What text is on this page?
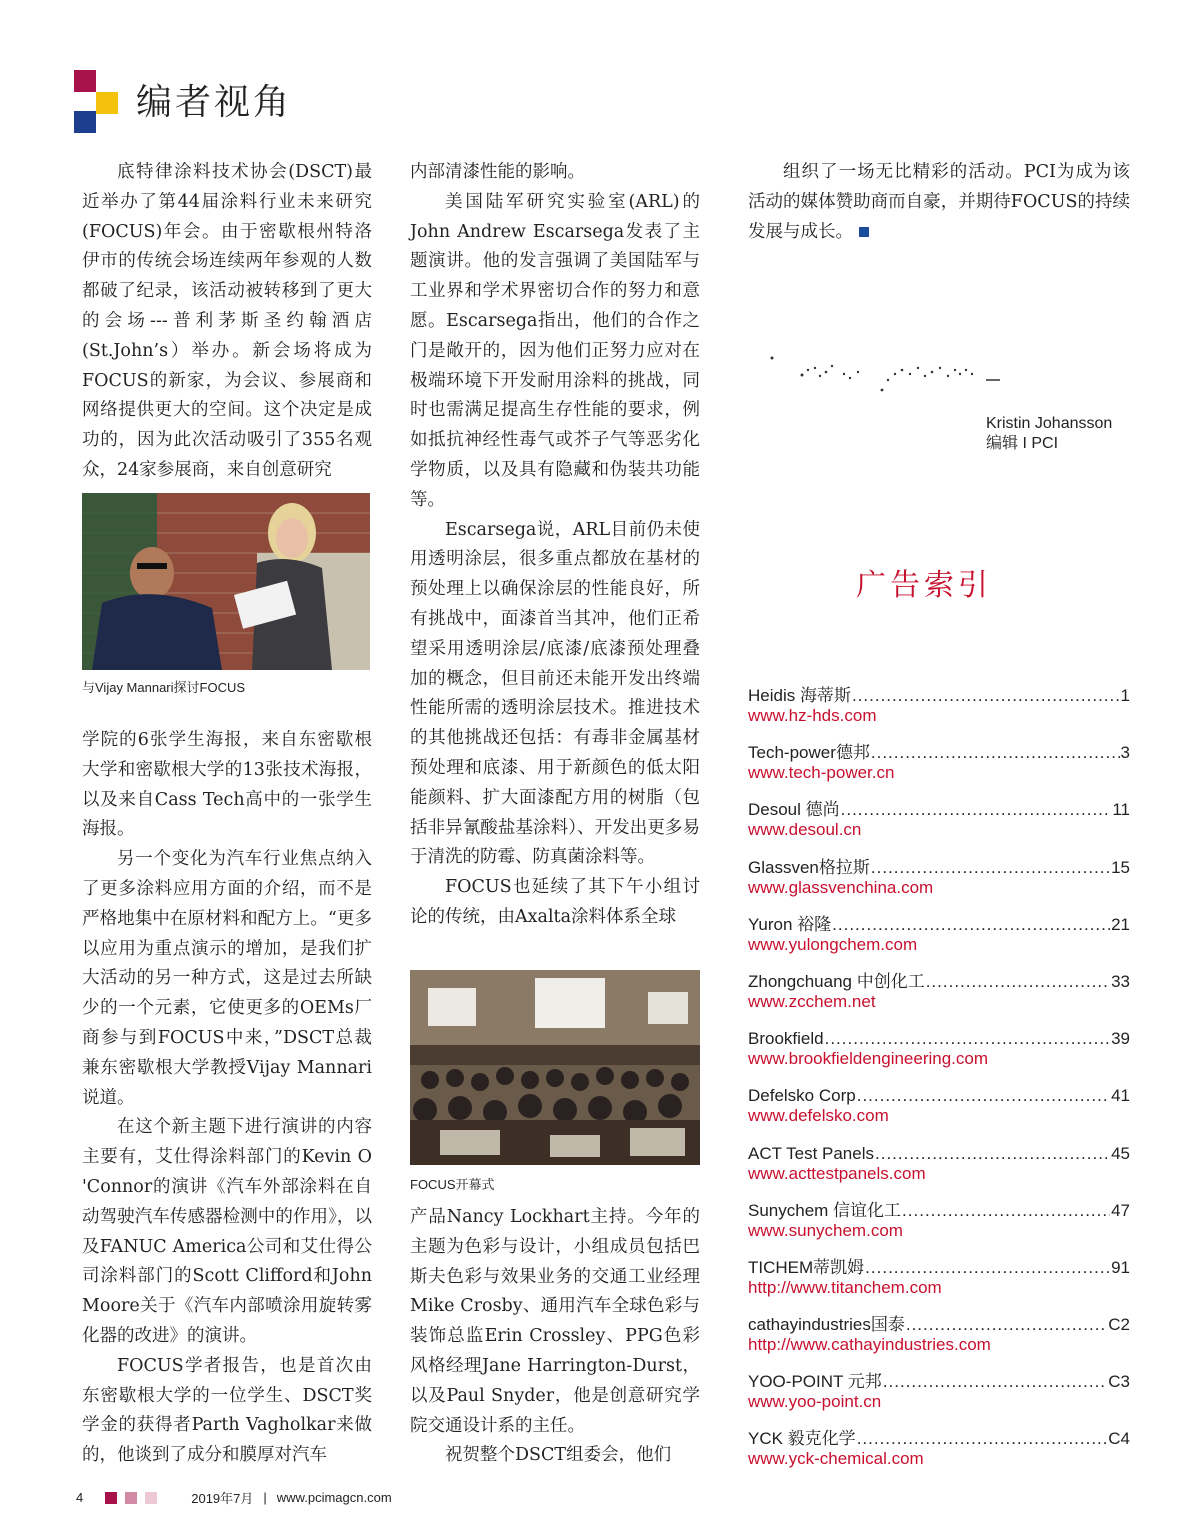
编者视角

底特律涂料技术协会(DSCT)最近举办了第44届涂料行业未来研究(FOCUS)年会。由于密歇根州特洛伊市的传统会场连续两年参观的人数都破了纪录，该活动被转移到了更大的会场---普利茅斯圣约翰酒店(St.John’s）举办。新会场将成为FOCUS的新家，为会议、参展商和网络提供更大的空间。这个决定是成功的，因为此次活动吸引了355名观众，24家参展商，来自创意研究

与Vijay Mannari探讨FOCUS

学院的6张学生海报，来自东密歇根大学和密歇根大学的13张技术海报，以及来自Cass Tech高中的一张学生海报。

另一个变化为汽车行业焦点纳入了更多涂料应用方面的介绍，而不是严格地集中在原材料和配方上。“更多以应用为重点演示的增加，是我们扩大活动的另一种方式，这是过去所缺少的一个元素，它使更多的OEMs厂商参与到FOCUS中来，”DSCT总裁兼东密歇根大学教授Vijay Mannari说道。

在这个新主题下进行演讲的内容主要有，艾仕得涂料部门的Kevin O 'Connor的演讲《汽车外部涂料在自动驾驶汽车传感器检测中的作用》，以及FANUC America公司和艾仕得公司涂料部门的Scott Clifford和John Moore关于《汽车内部喷涂用旋转雾化器的改进》的演讲。

FOCUS学者报告，也是首次由东密歇根大学的一位学生、DSCT奖学金的获得者Parth Vagholkar来做的，他谈到了成分和膜厚对汽车

内部清漆性能的影响。

美国陆军研究实验室(ARL)的John Andrew Escarsega发表了主题演讲。他的发言强调了美国陆军与工业界和学术界密切合作的努力和意愿。Escarsega指出，他们的合作之门是敞开的，因为他们正努力应对在极端环境下开发耐用涂料的挑战，同时也需满足提高生存性能的要求，例如抵抗神经性毒气或芥子气等恶劣化学物质，以及具有隐藏和伪装共功能等。

Escarsega说，ARL目前仍未使用透明涂层，很多重点都放在基材的预处理上以确保涂层的性能良好，所有挑战中，面漆首当其冲，他们正希望采用透明涂层/底漆/底漆预处理叠加的概念，但目前还未能开发出终端性能所需的透明涂层技术。推进技术的其他挑战还包括：有毒非金属基材预处理和底漆、用于新颜色的低太阳能颜料、扩大面漆配方用的树脂（包括非异氰酸盐基涂料）、开发出更多易于清洗的防霉、防真菌涂料等。

FOCUS也延续了其下午小组讨论的传统，由Axalta涂料体系全球

FOCUS开幕式

产品Nancy Lockhart主持。今年的主题为色彩与设计，小组成员包括巴斯夫色彩与效果业务的交通工业经理Mike Crosby、通用汽车全球色彩与装饰总监Erin Crossley、PPG色彩风格经理Jane Harrington-Durst，以及Paul Snyder，他是创意研究学院交通设计系的主任。

祝贺整个DSCT组委会，他们

组织了一场无比精彩的活动。PCI为成为该活动的媒体赞助商而自豪，并期待FOCUS的持续发展与成长。

Kristin Johansson
编辑 I PCI
广告索引
Heidis 海蒂斯 .....	1
www.hz-hds.com
Tech-power德邦 .....	3
www.tech-power.cn
Desoul 德尚 .....	11
www.desoul.cn
Glassven格拉斯 .....	15
www.glassvenchina.com
Yuron 裕隆 .....	21
www.yulongchem.com
Zhongchuang 中创化工 .....	33
www.zcchem.net
Brookfield .....	39
www.brookfieldengineering.com
Defelsko Corp .....	41
www.defelsko.com
ACT Test Panels .....	45
www.acttestpanels.com
Sunychem 信谊化工 .....	47
www.sunychem.com
TICHEM蒂凯姆 .....	91
http://www.titanchem.com
cathayindustries国泰 .....	C2
http://www.cathayindustries.com
YOO-POINT 元邦 .....	C3
www.yoo-point.cn
YCK 毅克化学 .....	C4
www.yck-chemical.com
4	2019年7月 | www.pcimagcn.com
